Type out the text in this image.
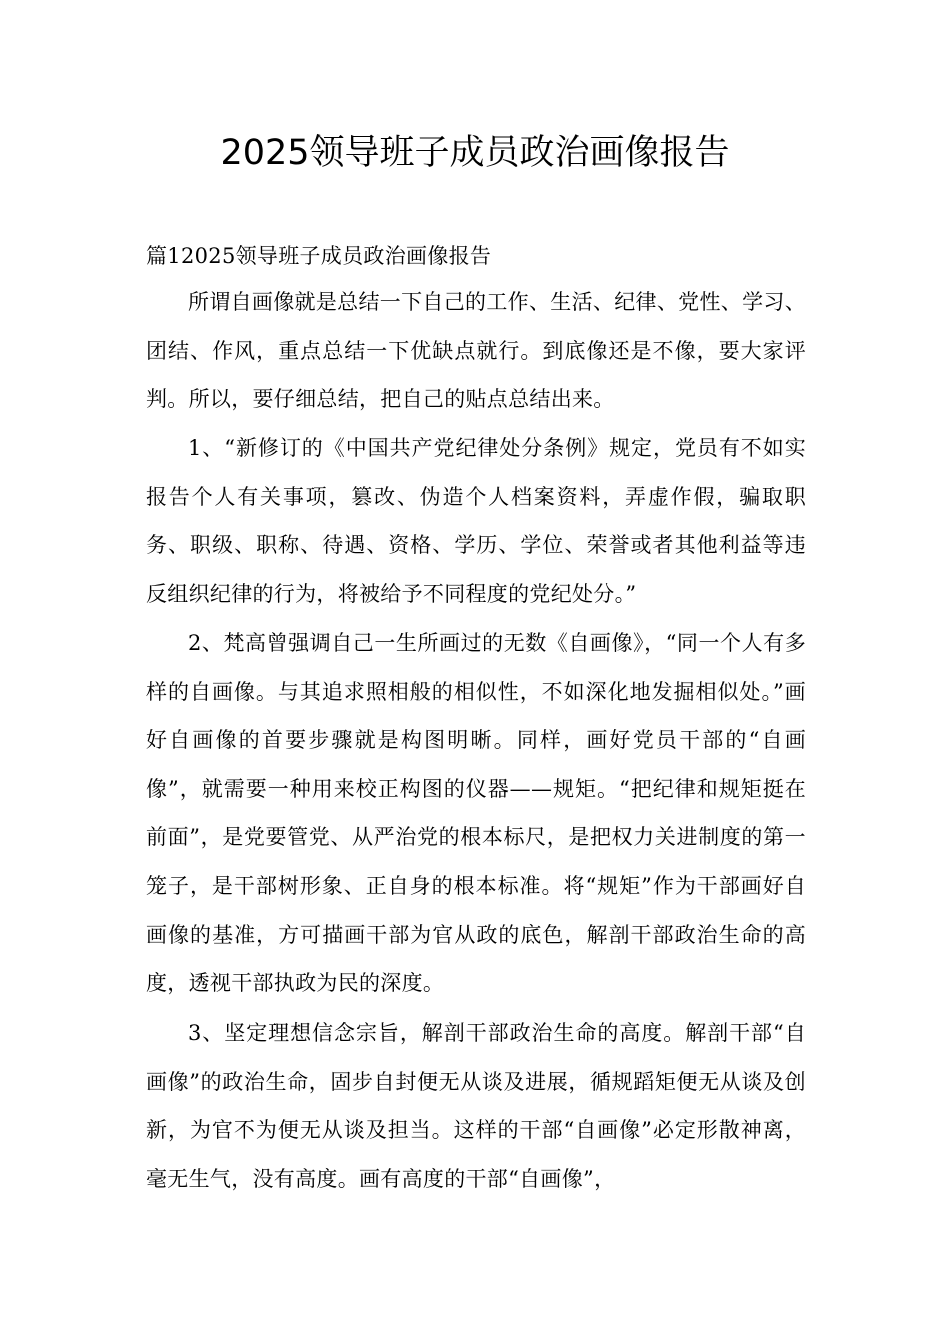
2025领导班子成员政治画像报告

篇12025领导班子成员政治画像报告

所谓自画像就是总结一下自己的工作、生活、纪律、党性、学习、团结、作风，重点总结一下优缺点就行。到底像还是不像，要大家评判。所以，要仔细总结，把自己的贴点总结出来。

1、“新修订的《中国共产党纪律处分条例》规定，党员有不如实报告个人有关事项，篡改、伪造个人档案资料，弄虚作假，骗取职务、职级、职称、待遇、资格、学历、学位、荣誉或者其他利益等违反组织纪律的行为，将被给予不同程度的党纪处分。”

2、梵高曾强调自己一生所画过的无数《自画像》，“同一个人有多样的自画像。与其追求照相般的相似性，不如深化地发掘相似处。”画好自画像的首要步骤就是构图明晰。同样，画好党员干部的“自画像”，就需要一种用来校正构图的仪器——规矩。“把纪律和规矩挺在前面”，是党要管党、从严治党的根本标尺，是把权力关进制度的第一笼子，是干部树形象、正自身的根本标准。将“规矩”作为干部画好自画像的基准，方可描画干部为官从政的底色，解剖干部政治生命的高度，透视干部执政为民的深度。

3、坚定理想信念宗旨，解剖干部政治生命的高度。解剖干部“自画像”的政治生命，固步自封便无从谈及进展，循规蹈矩便无从谈及创新，为官不为便无从谈及担当。这样的干部“自画像”必定形散神离，毫无生气，没有高度。画有高度的干部“自画像”，
